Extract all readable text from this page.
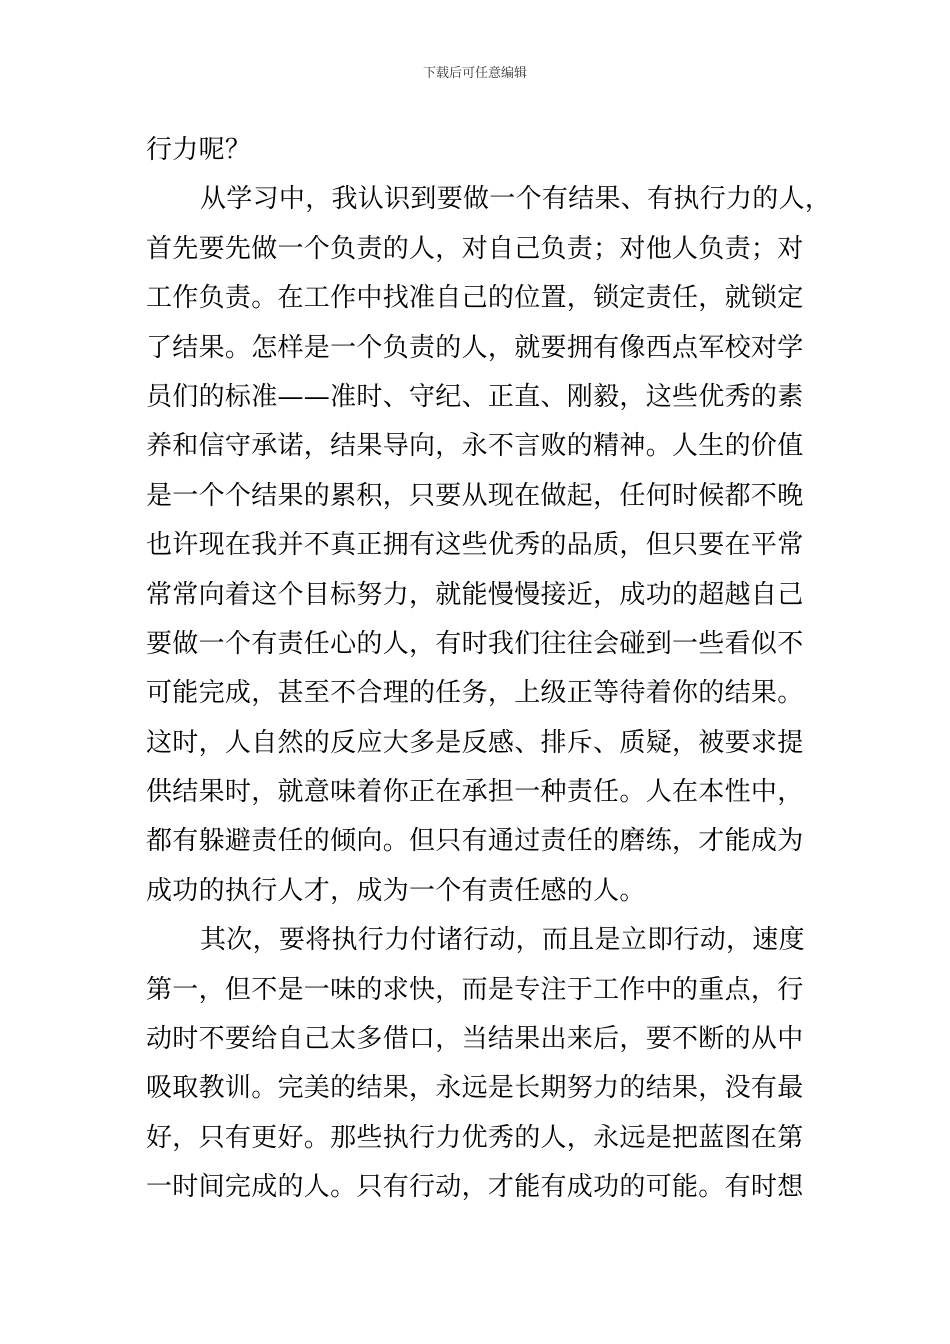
下载后可任意编辑
行力呢？
从学习中，我认识到要做一个有结果、有执行力的人，
首先要先做一个负责的人，对自己负责；对他人负责；对
工作负责。在工作中找准自己的位置，锁定责任，就锁定
了结果。怎样是一个负责的人，就要拥有像西点军校对学
员们的标准——准时、守纪、正直、刚毅，这些优秀的素
养和信守承诺，结果导向，永不言败的精神。人生的价值
是一个个结果的累积，只要从现在做起，任何时候都不晚
也许现在我并不真正拥有这些优秀的品质，但只要在平常
常常向着这个目标努力，就能慢慢接近，成功的超越自己
要做一个有责任心的人，有时我们往往会碰到一些看似不
可能完成，甚至不合理的任务，上级正等待着你的结果。
这时，人自然的反应大多是反感、排斥、质疑，被要求提
供结果时，就意味着你正在承担一种责任。人在本性中，
都有躲避责任的倾向。但只有通过责任的磨练，才能成为
成功的执行人才，成为一个有责任感的人。
其次，要将执行力付诸行动，而且是立即行动，速度
第一，但不是一味的求快，而是专注于工作中的重点，行
动时不要给自己太多借口，当结果出来后，要不断的从中
吸取教训。完美的结果，永远是长期努力的结果，没有最
好，只有更好。那些执行力优秀的人，永远是把蓝图在第
一时间完成的人。只有行动，才能有成功的可能。有时想
